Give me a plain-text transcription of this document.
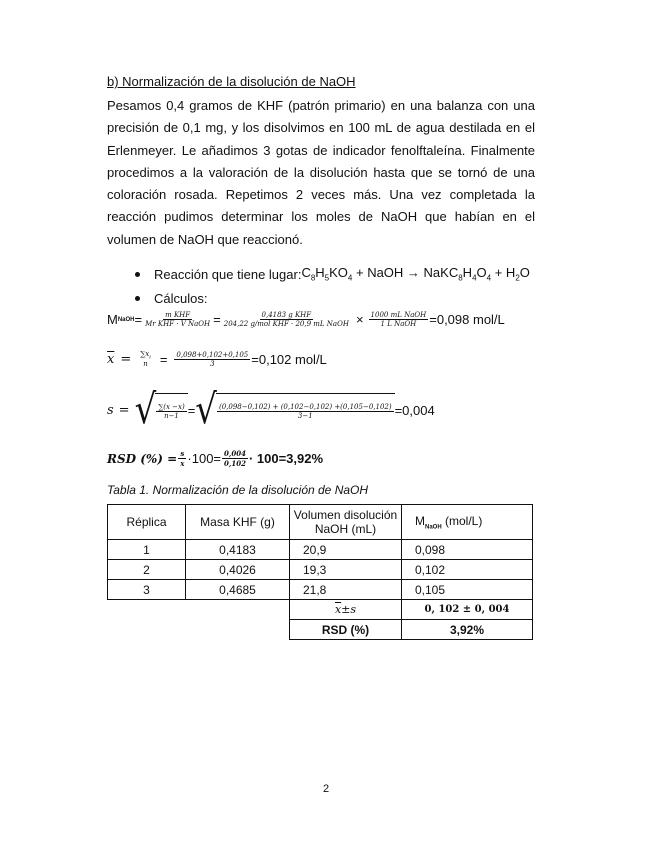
b) Normalización de la disolución de NaOH
Pesamos 0,4 gramos de KHF (patrón primario) en una balanza con una precisión de 0,1 mg, y los disolvimos en 100 mL de agua destilada en el Erlenmeyer. Le añadimos 3 gotas de indicador fenolftaleína. Finalmente procedimos a la valoración de la disolución hasta que se tornó de una coloración rosada. Repetimos 2 veces más. Una vez completada la reacción pudimos determinar los moles de NaOH que habían en el volumen de NaOH que reaccionó.
Reacción que tiene lugar: $C_8H_5KO_4$ + NaOH → $NaKC_8H_4O_4 + H_2O$
Cálculos:
M NaOH = $\frac{\text{m KHF}}{\text{Mr KHF · V NaOH}} = \frac{\text{0,4183 g KHF}}{\text{204,22 g/mol KHF · 20,9 mL NaOH}} \times \frac{\text{1000 mL NaOH}}{\text{1 L NaOH}} =0,098$ mol/L
$\overline{x} = \sum x_i$
$n = \frac{0,098+0,102+0,105}{3} =0,102$ mol/L
s = √ $\frac{\sum(x -x)}{n-1}$ = √ $\frac{(0,098-0,102) + (0,102-0,102) +(0,105-0,102)}{3-1} =0,004$
RSD (%) = $\frac{s}{x} \cdot 100= \frac{0,004}{0,102} \cdot 100=3,92\%$
Tabla 1. Normalización de la disolución de NaOH
Réplica	Masa KHF (g)	Volumen disolución NaOH (mL)	$M_{NaOH}$ (mol/L)
1	0,4183	20,9	0,098
2	0,4026	19,3	0,102
3	0,4685	21,8	0,105
		$\overline{x}\pm s$	0, 102 ± 0, 004
		RSD (%)	3,92%
2
